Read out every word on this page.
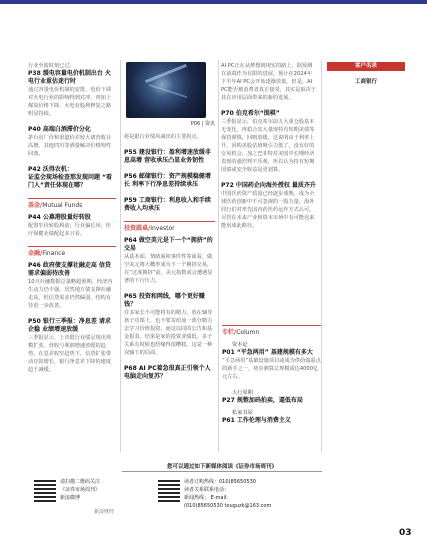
行业至暗时刻已过。
P38 缓电容量电价机制出台 火电行业重估迷行时
通过容量电价机制的安排，电价下调对火电行业的影响得到对冲，再加上煤炭价格下降，火电业股利修复之路明显持续。
P40 高端白酒滞价分化
茅台出厂价和渠道价差较大诸营收目高增。其他四川等酒量解决价格理性回落。
P42 沃得农机：
证监会现场检查那发现问题 “看门人”责任体现在哪？
基金/Mutual Funds
P44 公募港股量好转股
配置窄价转股利前；行业偏长风；医疗保健业绩配起多且看。
金融/Finance
P46 政府债支撑社融走高 信贷需求偏弱待改善
10月社融数据总量略超预期。经济内生动力仍不强，居然地方债支撑社融走高，但信贷需求仍然偏弱，结构有待进一步改善。
P50 银行三季报：净息差 请求企稳 业绩增速放缓
三季报显示，上市银行业绩呈现出规模扩张、营收与利润增速放缓的趋势。在息差收窄趋势下，信贷扩张带动存款增长，银行净息差下降的速度趋于减缓。
P06 | 资讯
将是银行业绩风减出的主要拐点。
P55 建设银行：盈利增速放缓非息高增 营收承压凸显业务韧性
P56 邮储银行：资产规模稳健增长 利率下行净息差持续承压
P59 工商银行：利息收入和手续费收入均承压
投资圆桌/Investor
P64 做空美元是下一个“拥挤”的交易
从基本面、情绪面和事件性等面看，做空美元将大概率成为下一个拥挤交易，在“过度拥挤”前，美元指数或会遭遇显著的下行压力。
P65 投资和网线，哪个更好赚钱？
许多家长不可能将有的精力、放在辅导孩子功课上，也不要寄给加一部分精力去学习价值投资。而这以同的公告和基金报表，结果是家的投资业绩低，多子关系有时候也结缘得很糟糕，这是一种双输下的局面。
P68 AI PC着急很真正引领个人电脑走向复苏？
AI PC正在从梦想到现实的路上。据预测在前端作为有限的进展。预计在2024年下半年AI PC会开始逐渐放量。但是，AI PC能否被消费者真正接受，其实是取决于其在应用层面带来的新的进展。
P70 伯克希尔“围棋”
三季报显示，伯克希尔前五大重仓股基本无变化，再稳合其大量现持有短期美债等保持谨慎，回购放缓。这说明由于利率上升，回购美股估值吸引力低了，没有好的交易机会，加之巴菲特对美国中长期经济表现的强烈判不乐观，所以认为持有短期国债或安全收益是更划算。
P72 中国药企向海外授权 量质齐升
中国医药资产质量已经逐步成熟，成为全球医药创新中不可忽视的一股力量，海外同行们对率先国内药医药运作方式认可。尽管在未来产业和资本市场中有可能迟来能用成此路径。
客户名录
工商银行
专栏/Column
资本论
P01 “平急两用” 基建规模有多大
“平急两用”基础设施项目或成为供给端重点的新手之一。初步测算总规模或达4000亿元左右。
大行周期
P27 规整加码拍卖，逼低布局
私家书屋
P61 工作伦理与消费主义
您可以通过如下新媒体阅读《证券市场周刊》
请扫描二维码关注
《证券市场周刊》
新浪微博
新浪财经
读者订购热线：010)85650530
读者关系联系电话：
新闻热线： E-mail:
(010)85650530 touguzk@163.com
03
